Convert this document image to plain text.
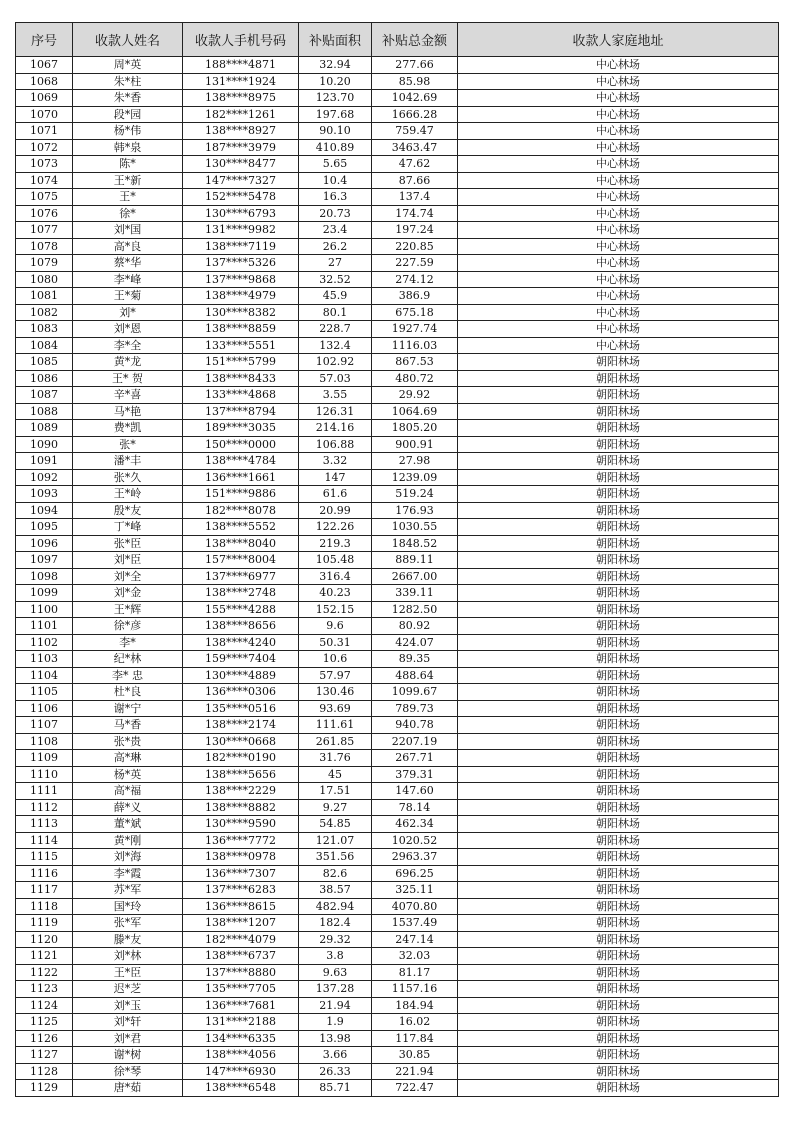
序号	收款人姓名	收款人手机号码	补贴面积	补贴总金额	收款人家庭地址
1067	周*英	188****4871	32.94	277.66	中心林场
1068	朱*柱	131****1924	10.20	85.98	中心林场
1069	朱*香	138****8975	123.70	1042.69	中心林场
1070	段*园	182****1261	197.68	1666.28	中心林场
1071	杨*伟	138****8927	90.10	759.47	中心林场
1072	韩*泉	187****3979	410.89	3463.47	中心林场
1073	陈*	130****8477	5.65	47.62	中心林场
1074	王*新	147****7327	10.4	87.66	中心林场
1075	王*	152****5478	16.3	137.4	中心林场
1076	徐*	130****6793	20.73	174.74	中心林场
1077	刘*国	131****9982	23.4	197.24	中心林场
1078	高*良	138****7119	26.2	220.85	中心林场
1079	蔡*华	137****5326	27	227.59	中心林场
1080	李*峰	137****9868	32.52	274.12	中心林场
1081	王*菊	138****4979	45.9	386.9	中心林场
1082	刘*	130****8382	80.1	675.18	中心林场
1083	刘*恩	138****8859	228.7	1927.74	中心林场
1084	李*全	133****5551	132.4	1116.03	中心林场
1085	黄*龙	151****5799	102.92	867.53	朝阳林场
1086	王* 贺	138****8433	57.03	480.72	朝阳林场
1087	辛*喜	133****4868	3.55	29.92	朝阳林场
1088	马*艳	137****8794	126.31	1064.69	朝阳林场
1089	费*凯	189****3035	214.16	1805.20	朝阳林场
1090	张*	150****0000	106.88	900.91	朝阳林场
1091	潘*丰	138****4784	3.32	27.98	朝阳林场
1092	张*久	136****1661	147	1239.09	朝阳林场
1093	王*岭	151****9886	61.6	519.24	朝阳林场
1094	殷*友	182****8078	20.99	176.93	朝阳林场
1095	丁*峰	138****5552	122.26	1030.55	朝阳林场
1096	张*臣	138****8040	219.3	1848.52	朝阳林场
1097	刘*臣	157****8004	105.48	889.11	朝阳林场
1098	刘*全	137****6977	316.4	2667.00	朝阳林场
1099	刘*金	138****2748	40.23	339.11	朝阳林场
1100	王*辉	155****4288	152.15	1282.50	朝阳林场
1101	徐*彦	138****8656	9.6	80.92	朝阳林场
1102	李*	138****4240	50.31	424.07	朝阳林场
1103	纪*林	159****7404	10.6	89.35	朝阳林场
1104	李* 忠	130****4889	57.97	488.64	朝阳林场
1105	杜*良	136****0306	130.46	1099.67	朝阳林场
1106	谢*宁	135****0516	93.69	789.73	朝阳林场
1107	马*香	138****2174	111.61	940.78	朝阳林场
1108	张*贵	130****0668	261.85	2207.19	朝阳林场
1109	高*琳	182****0190	31.76	267.71	朝阳林场
1110	杨*英	138****5656	45	379.31	朝阳林场
1111	高*福	138****2229	17.51	147.60	朝阳林场
1112	薛*义	138****8882	9.27	78.14	朝阳林场
1113	董*斌	130****9590	54.85	462.34	朝阳林场
1114	黄*刚	136****7772	121.07	1020.52	朝阳林场
1115	刘*海	138****0978	351.56	2963.37	朝阳林场
1116	李*霞	136****7307	82.6	696.25	朝阳林场
1117	苏*军	137****6283	38.57	325.11	朝阳林场
1118	国*玲	136****8615	482.94	4070.80	朝阳林场
1119	张*军	138****1207	182.4	1537.49	朝阳林场
1120	滕*友	182****4079	29.32	247.14	朝阳林场
1121	刘*林	138****6737	3.8	32.03	朝阳林场
1122	王*臣	137****8880	9.63	81.17	朝阳林场
1123	迟*芝	135****7705	137.28	1157.16	朝阳林场
1124	刘*玉	136****7681	21.94	184.94	朝阳林场
1125	刘*轩	131****2188	1.9	16.02	朝阳林场
1126	刘*君	134****6335	13.98	117.84	朝阳林场
1127	谢*树	138****4056	3.66	30.85	朝阳林场
1128	徐*琴	147****6930	26.33	221.94	朝阳林场
1129	唐*茹	138****6548	85.71	722.47	朝阳林场
